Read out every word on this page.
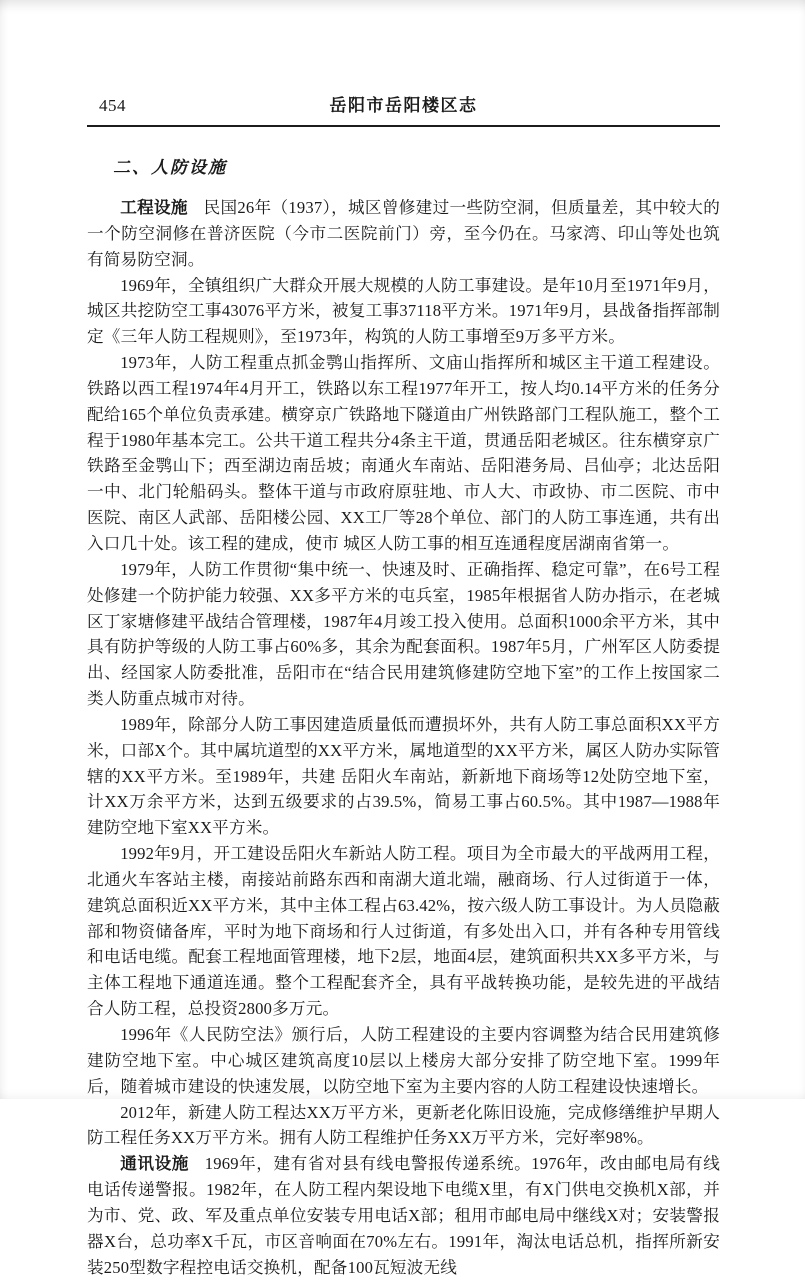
454	岳阳市岳阳楼区志
二、人防设施

工程设施 民国26年（1937），城区曾修建过一些防空洞，但质量差，其中较大的一个防空洞修在普济医院（今市二医院前门）旁，至今仍在。马家湾、印山等处也筑有简易防空洞。

1969年，全镇组织广大群众开展大规模的人防工事建设。是年10月至1971年9月，城区共挖防空工事43076平方米，被复工事37118平方米。1971年9月，县战备指挥部制定《三年人防工程规则》，至1973年，构筑的人防工事增至9万多平方米。

1973年，人防工程重点抓金鹗山指挥所、文庙山指挥所和城区主干道工程建设。铁路以西工程1974年4月开工，铁路以东工程1977年开工，按人均0.14平方米的任务分配给165个单位负责承建。横穿京广铁路地下隧道由广州铁路部门工程队施工，整个工程于1980年基本完工。公共干道工程共分4条主干道，贯通岳阳老城区。往东横穿京广铁路至金鹗山下；西至湖边南岳坡；南通火车南站、岳阳港务局、吕仙亭；北达岳阳一中、北门轮船码头。整体干道与市政府原驻地、市人大、市政协、市二医院、市中医院、南区人武部、岳阳楼公园、XX工厂等28个单位、部门的人防工事连通，共有出入口几十处。该工程的建成，使市 城区人防工事的相互连通程度居湖南省第一。

1979年，人防工作贯彻“集中统一、快速及时、正确指挥、稳定可靠”，在6号工程处修建一个防护能力较强、XX多平方米的屯兵室，1985年根据省人防办指示，在老城区丁家塘修建平战结合管理楼，1987年4月竣工投入使用。总面积1000余平方米，其中具有防护等级的人防工事占60%多，其余为配套面积。1987年5月，广州军区人防委提出、经国家人防委批准，岳阳市在“结合民用建筑修建防空地下室”的工作上按国家二类人防重点城市对待。

1989年，除部分人防工事因建造质量低而遭损坏外，共有人防工事总面积XX平方米，口部X个。其中属坑道型的XX平方米，属地道型的XX平方米，属区人防办实际管辖的XX平方米。至1989年，共建 岳阳火车南站，新新地下商场等12处防空地下室，计XX万余平方米，达到五级要求的占39.5%，简易工事占60.5%。其中1987—1988年建防空地下室XX平方米。

1992年9月，开工建设岳阳火车新站人防工程。项目为全市最大的平战两用工程，北通火车客站主楼，南接站前路东西和南湖大道北端，融商场、行人过街道于一体，建筑总面积近XX平方米，其中主体工程占63.42%，按六级人防工事设计。为人员隐蔽部和物资储备库，平时为地下商场和行人过街道，有多处出入口，并有各种专用管线和电话电缆。配套工程地面管理楼，地下2层，地面4层，建筑面积共XX多平方米，与主体工程地下通道连通。整个工程配套齐全，具有平战转换功能，是较先进的平战结合人防工程，总投资2800多万元。

1996年《人民防空法》颁行后，人防工程建设的主要内容调整为结合民用建筑修建防空地下室。中心城区建筑高度10层以上楼房大部分安排了防空地下室。1999年后，随着城市建设的快速发展，以防空地下室为主要内容的人防工程建设快速增长。

2012年，新建人防工程达XX万平方米，更新老化陈旧设施，完成修缮维护早期人防工程任务XX万平方米。拥有人防工程维护任务XX万平方米，完好率98%。

通讯设施 1969年，建有省对县有线电警报传递系统。1976年，改由邮电局有线电话传递警报。1982年，在人防工程内架设地下电缆X里，有X门供电交换机X部，并为市、党、政、军及重点单位安装专用电话X部；租用市邮电局中继线X对；安装警报器X台，总功率X千瓦，市区音响面在70%左右。1991年，淘汰电话总机，指挥所新安装250型数字程控电话交换机，配备100瓦短波无线
